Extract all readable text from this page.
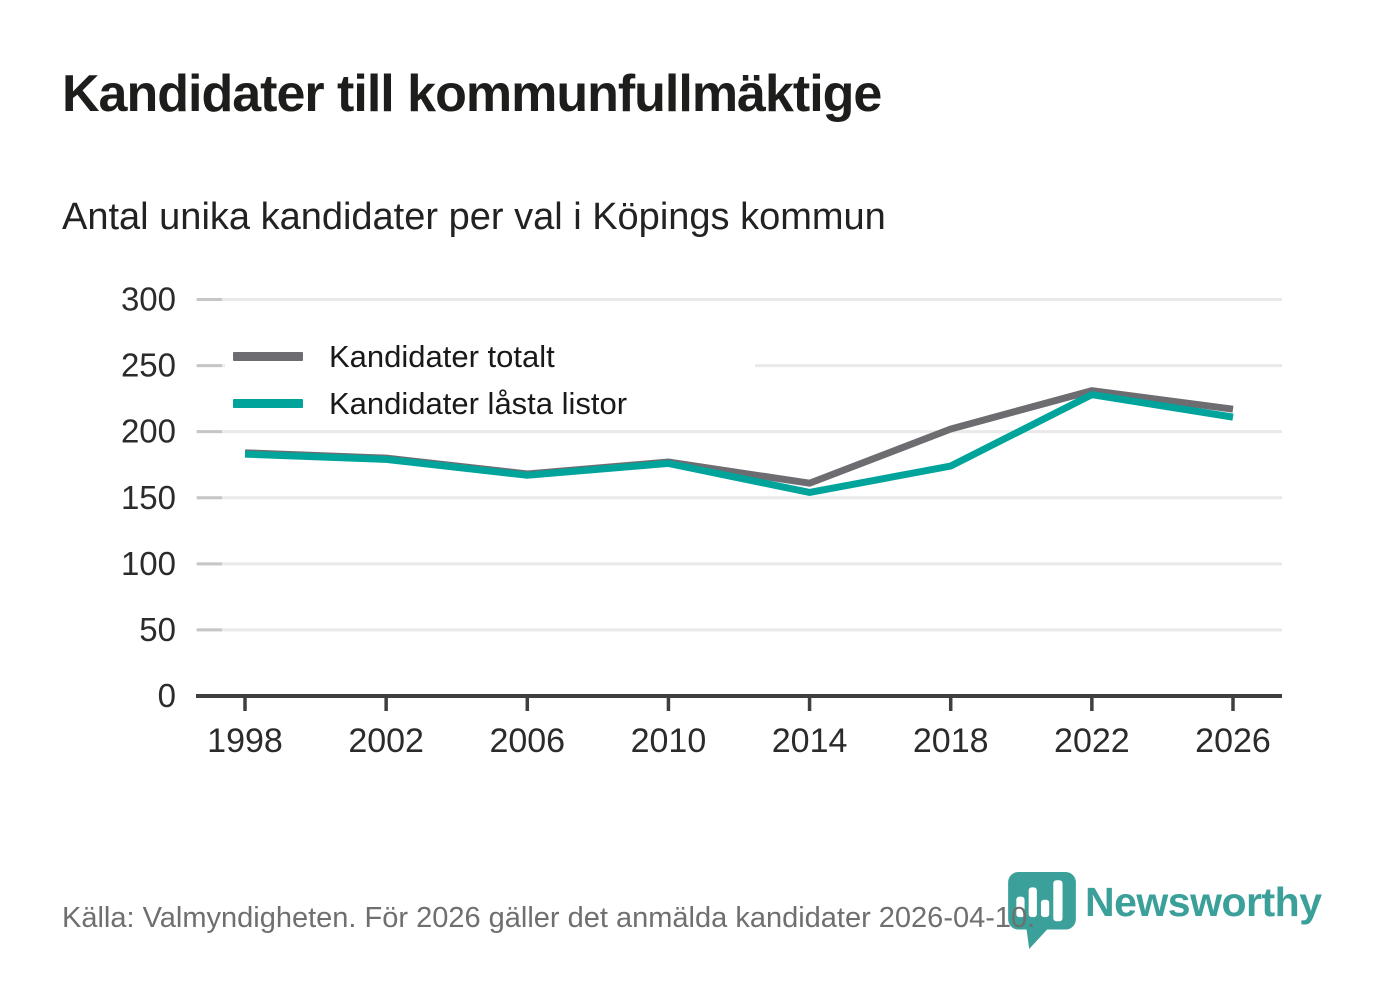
Kandidater till kommunfullmäktige
Antal unika kandidater per val i Köpings kommun
0
50
100
150
200
250
300
1998 2002 2006 2010 2014 2018 2022 2026
Kandidater totalt
Kandidater låsta listor
Källa: Valmyndigheten. För 2026 gäller det anmälda kandidater 2026-04-10. Newsworthy
